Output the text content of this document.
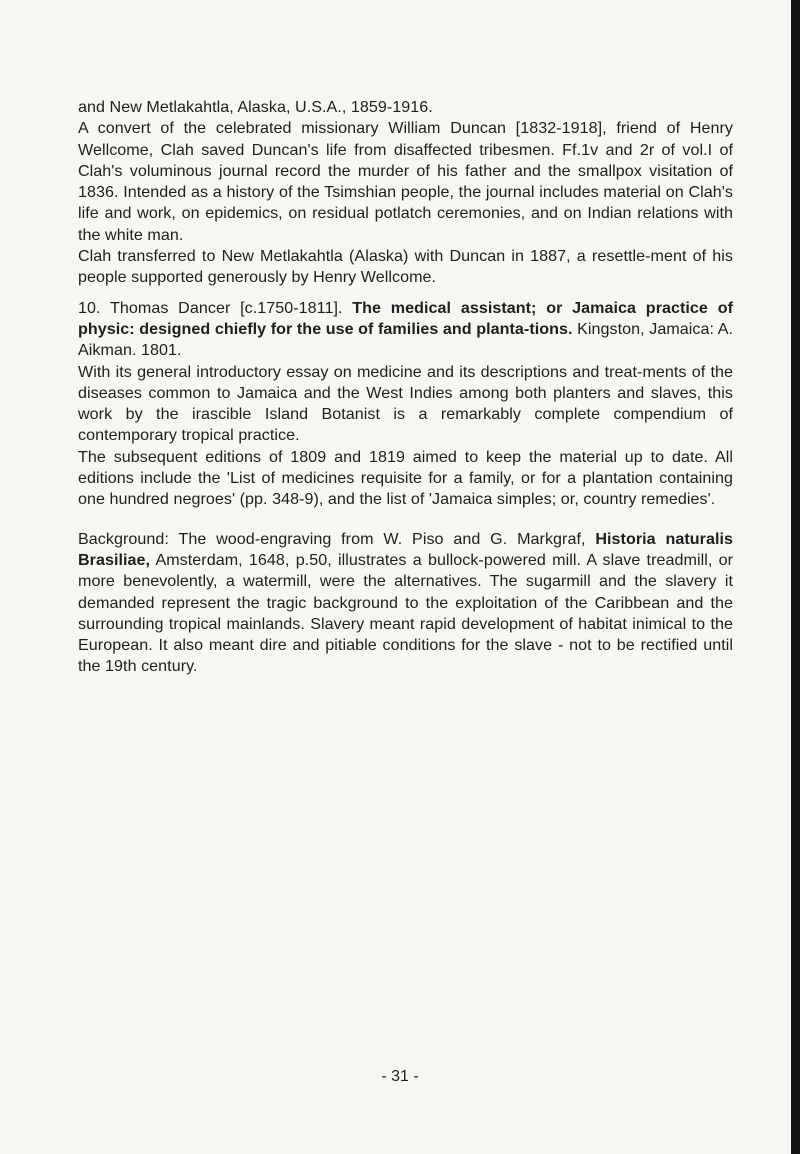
and New Metlakahtla, Alaska, U.S.A., 1859-1916.

A convert of the celebrated missionary William Duncan [1832-1918], friend of Henry Wellcome, Clah saved Duncan's life from disaffected tribesmen. Ff.1v and 2r of vol.I of Clah's voluminous journal record the murder of his father and the smallpox visitation of 1836. Intended as a history of the Tsimshian people, the journal includes material on Clah's life and work, on epidemics, on residual potlatch ceremonies, and on Indian relations with the white man.

Clah transferred to New Metlakahtla (Alaska) with Duncan in 1887, a resettle-ment of his people supported generously by Henry Wellcome.

10. Thomas Dancer [c.1750-1811]. The medical assistant; or Jamaica practice of physic: designed chiefly for the use of families and planta-tions. Kingston, Jamaica: A. Aikman. 1801.

With its general introductory essay on medicine and its descriptions and treat-ments of the diseases common to Jamaica and the West Indies among both planters and slaves, this work by the irascible Island Botanist is a remarkably complete compendium of contemporary tropical practice.

The subsequent editions of 1809 and 1819 aimed to keep the material up to date. All editions include the 'List of medicines requisite for a family, or for a plantation containing one hundred negroes' (pp. 348-9), and the list of 'Jamaica simples; or, country remedies'.

Background: The wood-engraving from W. Piso and G. Markgraf, Historia naturalis Brasiliae, Amsterdam, 1648, p.50, illustrates a bullock-powered mill. A slave treadmill, or more benevolently, a watermill, were the alternatives. The sugarmill and the slavery it demanded represent the tragic background to the exploitation of the Caribbean and the surrounding tropical mainlands. Slavery meant rapid development of habitat inimical to the European. It also meant dire and pitiable conditions for the slave - not to be rectified until the 19th century.

- 31 -
